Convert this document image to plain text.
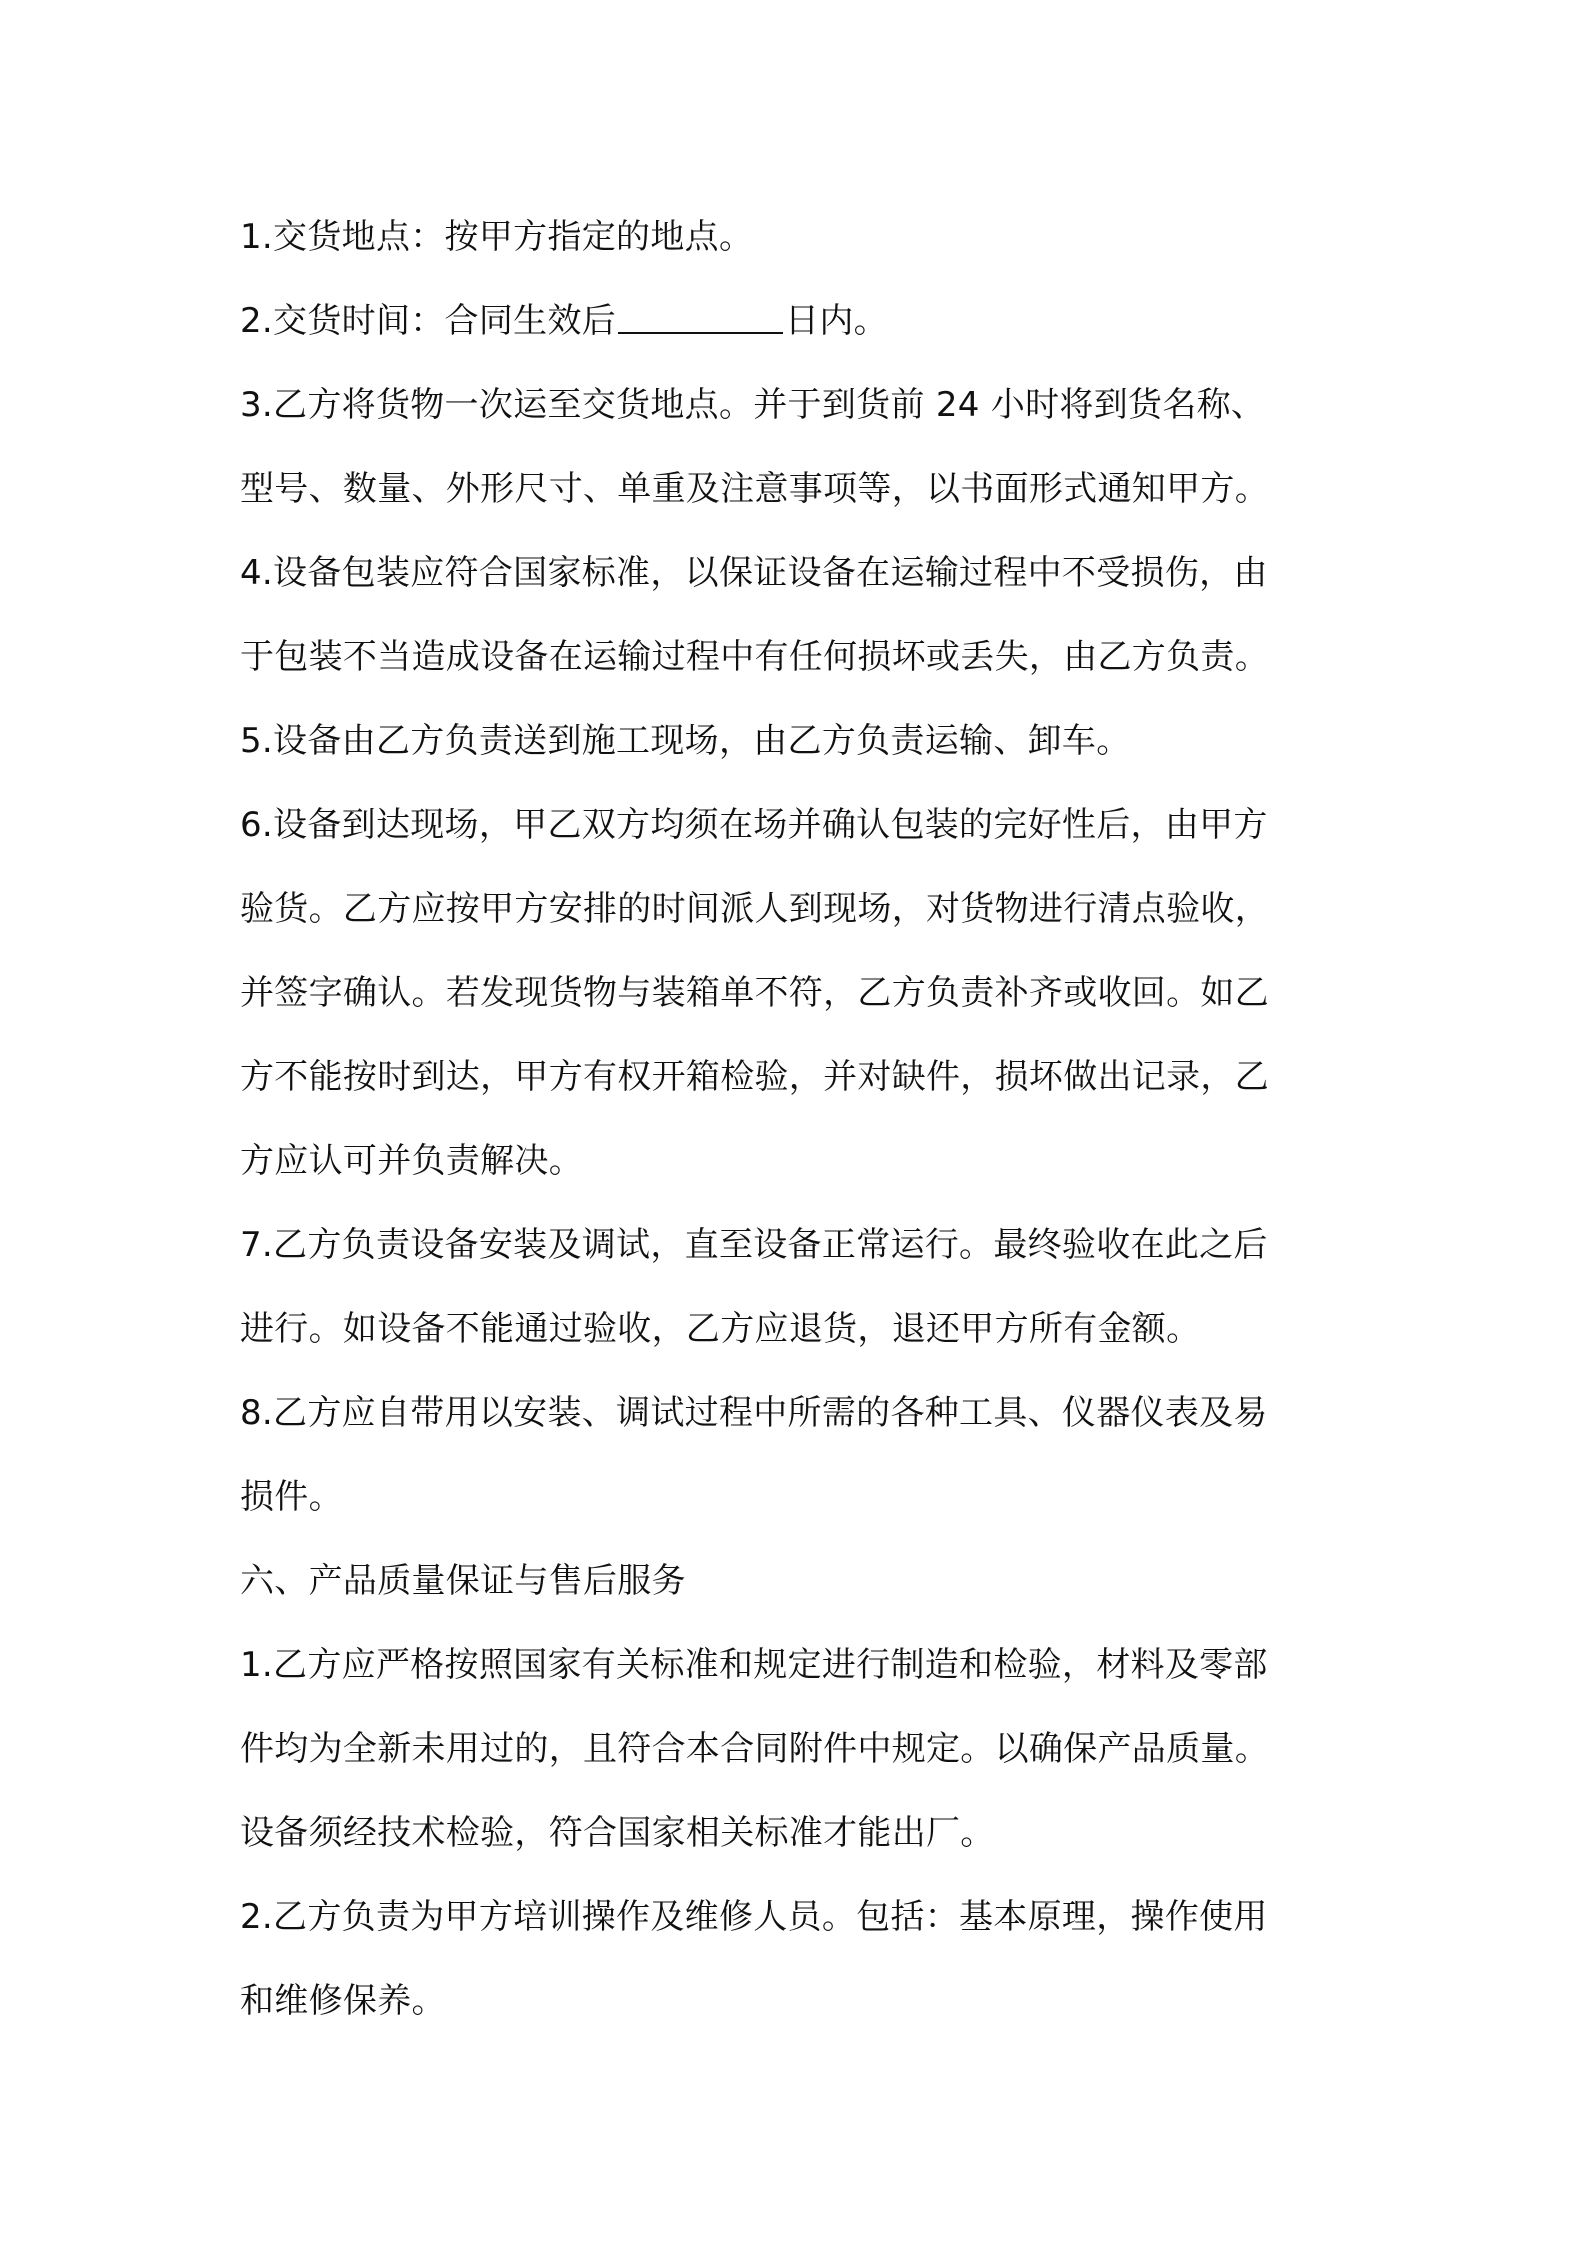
1.交货地点：按甲方指定的地点。
2.交货时间：合同生效后	日内。
3.乙方将货物一次运至交货地点。并于到货前 24 小时将到货名称、
型号、数量、外形尺寸、单重及注意事项等，以书面形式通知甲方。
4.设备包装应符合国家标准，以保证设备在运输过程中不受损伤，由
于包装不当造成设备在运输过程中有任何损坏或丢失，由乙方负责。
5.设备由乙方负责送到施工现场，由乙方负责运输、卸车。
6.设备到达现场，甲乙双方均须在场并确认包装的完好性后，由甲方
验货。乙方应按甲方安排的时间派人到现场，对货物进行清点验收，
并签字确认。若发现货物与装箱单不符，乙方负责补齐或收回。如乙
方不能按时到达，甲方有权开箱检验，并对缺件，损坏做出记录，乙
方应认可并负责解决。
7.乙方负责设备安装及调试，直至设备正常运行。最终验收在此之后
进行。如设备不能通过验收，乙方应退货，退还甲方所有金额。
8.乙方应自带用以安装、调试过程中所需的各种工具、仪器仪表及易
损件。
六、产品质量保证与售后服务
1.乙方应严格按照国家有关标准和规定进行制造和检验，材料及零部
件均为全新未用过的，且符合本合同附件中规定。以确保产品质量。
设备须经技术检验，符合国家相关标准才能出厂。
2.乙方负责为甲方培训操作及维修人员。包括：基本原理，操作使用
和维修保养。
